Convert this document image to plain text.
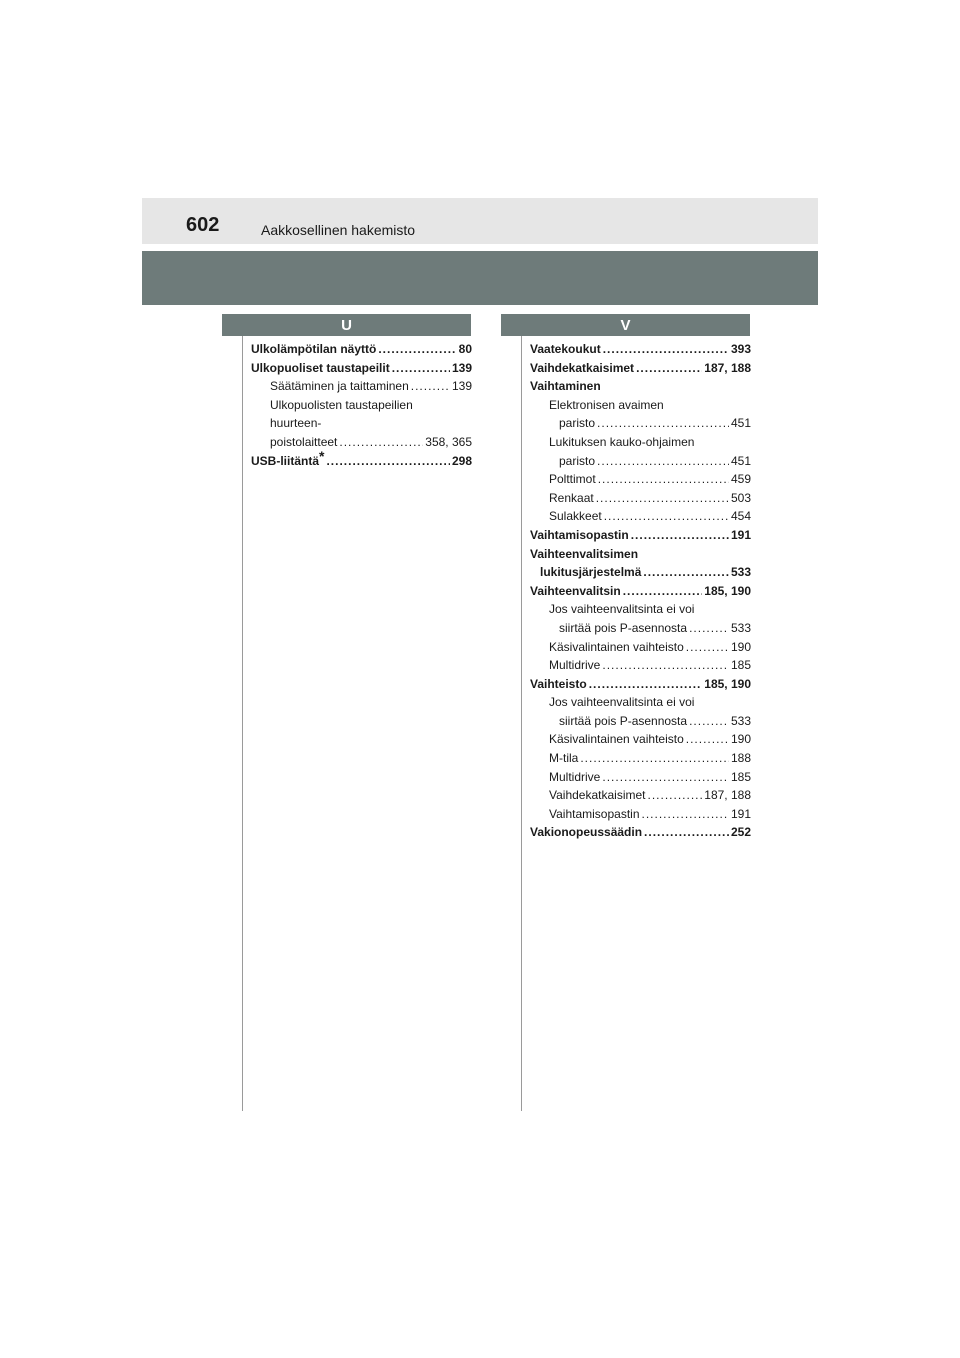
602	Aakkosellinen hakemisto
U	V
Ulkolämpötilan näyttö .....	80
Ulkopuoliset taustapeilit .....	139
Säätäminen ja taittaminen .....	139
Ulkopuolisten taustapeilien
huurteen-
poistolaitteet .....	358, 365
USB-liitäntä* .....	298
Vaatekoukut .....	393
Vaihdekatkaisimet .....	187, 188
Vaihtaminen
Elektronisen avaimen
paristo .....	451
Lukituksen kauko-ohjaimen
paristo .....	451
Polttimot .....	459
Renkaat .....	503
Sulakkeet .....	454
Vaihtamisopastin .....	191
Vaihteenvalitsimen
lukitusjärjestelmä .....	533
Vaihteenvalitsin .....	185, 190
Jos vaihteenvalitsinta ei voi
siirtää pois P-asennosta .....	533
Käsivalintainen vaihteisto .....	190
Multidrive .....	185
Vaihteisto .....	185, 190
Jos vaihteenvalitsinta ei voi
siirtää pois P-asennosta .....	533
Käsivalintainen vaihteisto .....	190
M-tila .....	188
Multidrive .....	185
Vaihdekatkaisimet .....	187, 188
Vaihtamisopastin .....	191
Vakionopeussäädin .....	252
